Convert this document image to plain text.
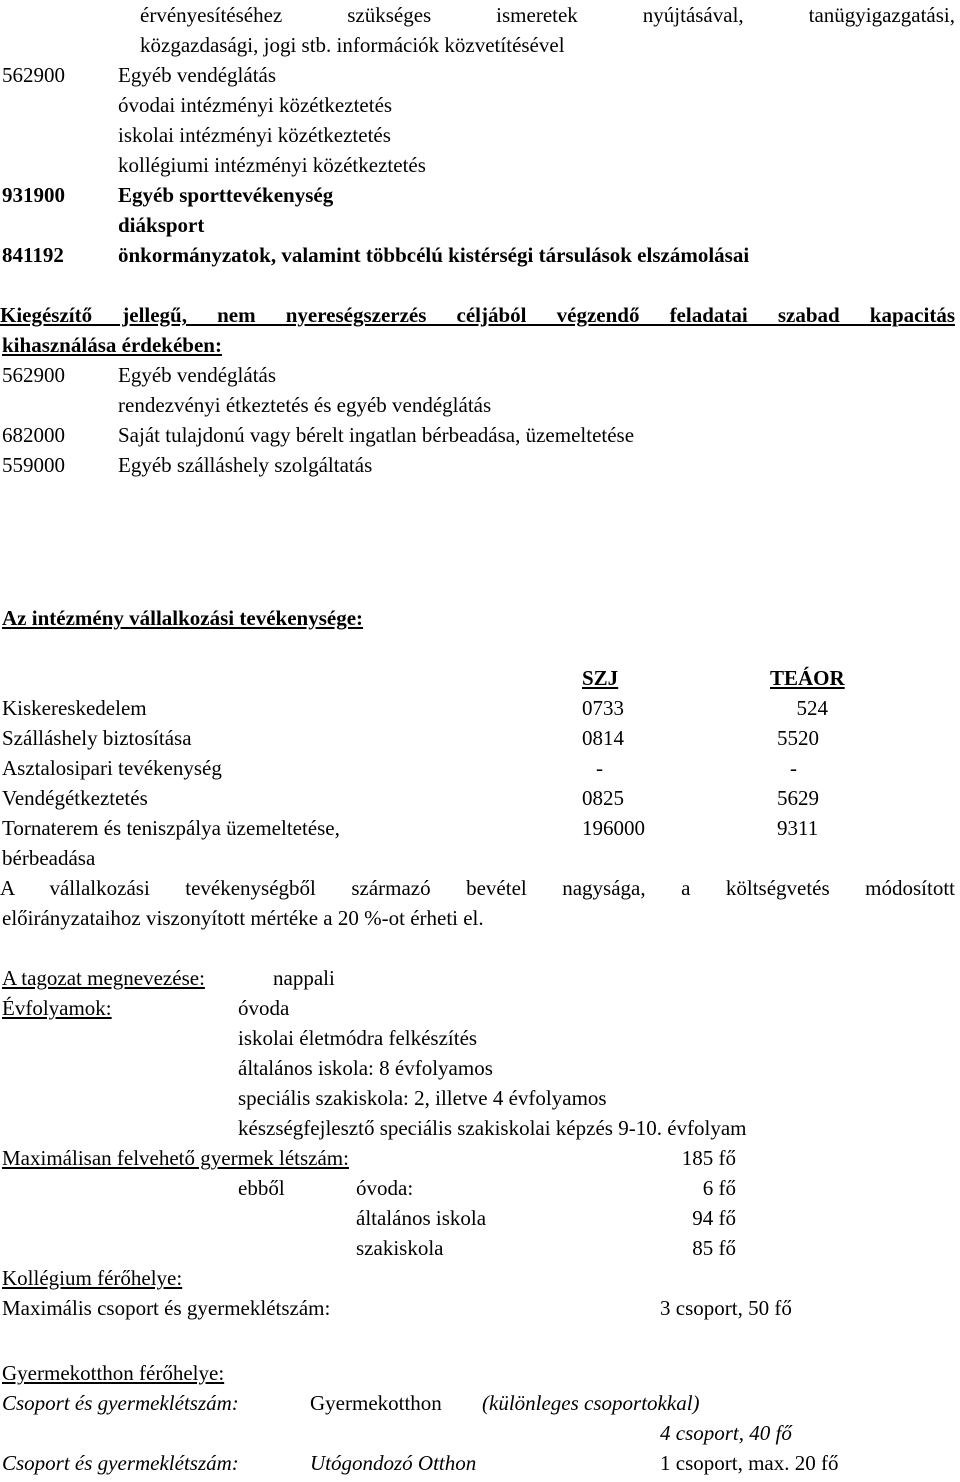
érvényesítéséhez szükséges ismeretek nyújtásával, tanügyigazgatási,
közgazdasági, jogi stb. információk közvetítésével
562900	Egyéb vendéglátás
óvodai intézményi közétkeztetés
iskolai intézményi közétkeztetés
kollégiumi intézményi közétkeztetés
931900	Egyéb sporttevékenység
diáksport
841192	önkormányzatok, valamint többcélú kistérségi társulások elszámolásai
Kiegészítő jellegű, nem nyereségszerzés céljából végzendő feladatai szabad kapacitás
kihasználása érdekében:
562900	Egyéb vendéglátás
rendezvényi étkeztetés és egyéb vendéglátás
682000	Saját tulajdonú vagy bérelt ingatlan bérbeadása, üzemeltetése
559000	Egyéb szálláshely szolgáltatás
Az intézmény vállalkozási tevékenysége:
SZJ	TEÁOR
Kiskereskedelem	0733	524
Szálláshely biztosítása	0814	5520
Asztalosipari tevékenység	-	-
Vendégétkeztetés	0825	5629
Tornaterem és teniszpálya üzemeltetése,	196000	9311
bérbeadása
A vállalkozási tevékenységből származó bevétel nagysága, a költségvetés módosított
előirányzataihoz viszonyított mértéke a 20 %-ot érheti el.
A tagozat megnevezése:	nappali
Évfolyamok:	óvoda
iskolai életmódra felkészítés
általános iskola: 8 évfolyamos
speciális szakiskola: 2, illetve 4 évfolyamos
készségfejlesztő speciális szakiskolai képzés 9-10. évfolyam
Maximálisan felvehető gyermek létszám:	185 fő
ebből	óvoda:	6 fő
általános iskola	94 fő
szakiskola	85 fő
Kollégium férőhelye:
Maximális csoport és gyermeklétszám:	3 csoport, 50 fő
Gyermekotthon férőhelye:
Csoport és gyermeklétszám:	Gyermekotthon (különleges csoportokkal)
4 csoport, 40 fő
Csoport és gyermeklétszám:	Utógondozó Otthon	1 csoport, max. 20 fő
